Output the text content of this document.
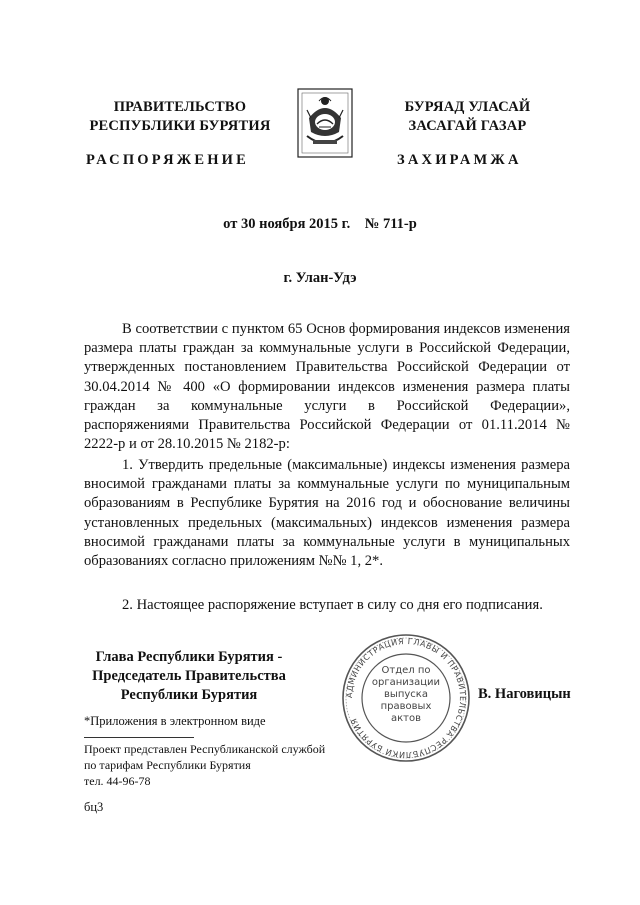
ПРАВИТЕЛЬСТВО
РЕСПУБЛИКИ БУРЯТИЯ
РАСПОРЯЖЕНИЕ
БУРЯАД УЛАСАЙ
ЗАСАГАЙ ГАЗАР
ЗАХИРАМЖА
от 30 ноября 2015 г.    № 711-р
г. Улан-Удэ
В соответствии с пунктом 65 Основ формирования индексов изменения размера платы граждан за коммунальные услуги в Российской Федерации, утвержденных постановлением Правительства Российской Федерации от 30.04.2014 № 400 «О формировании индексов изменения размера платы граждан за коммунальные услуги в Российской Федерации», распоряжениями Правительства Российской Федерации от 01.11.2014 № 2222-р и от 28.10.2015 № 2182-р:
1. Утвердить предельные (максимальные) индексы изменения размера вносимой гражданами платы за коммунальные услуги по муниципальным образованиям в Республике Бурятия на 2016 год и обоснование величины установленных предельных (максимальных) индексов изменения размера вносимой гражданами платы за коммунальные услуги в муниципальных образованиях согласно приложениям №№ 1, 2*.
2. Настоящее распоряжение вступает в силу со дня его подписания.
Глава Республики Бурятия -
Председатель Правительства
Республики Бурятия	АДМИНИСТРАЦИЯ ГЛАВЫ И ПРАВИТЕЛЬСТВА РЕСПУБЛИКИ БУРЯТИЯ
Отдел по
организации
выпуска
правовых
актов
В. Наговицын
*Приложения в электронном виде
Проект представлен Республиканской службой
по тарифам Республики Бурятия
тел. 44-96-78
бц3
